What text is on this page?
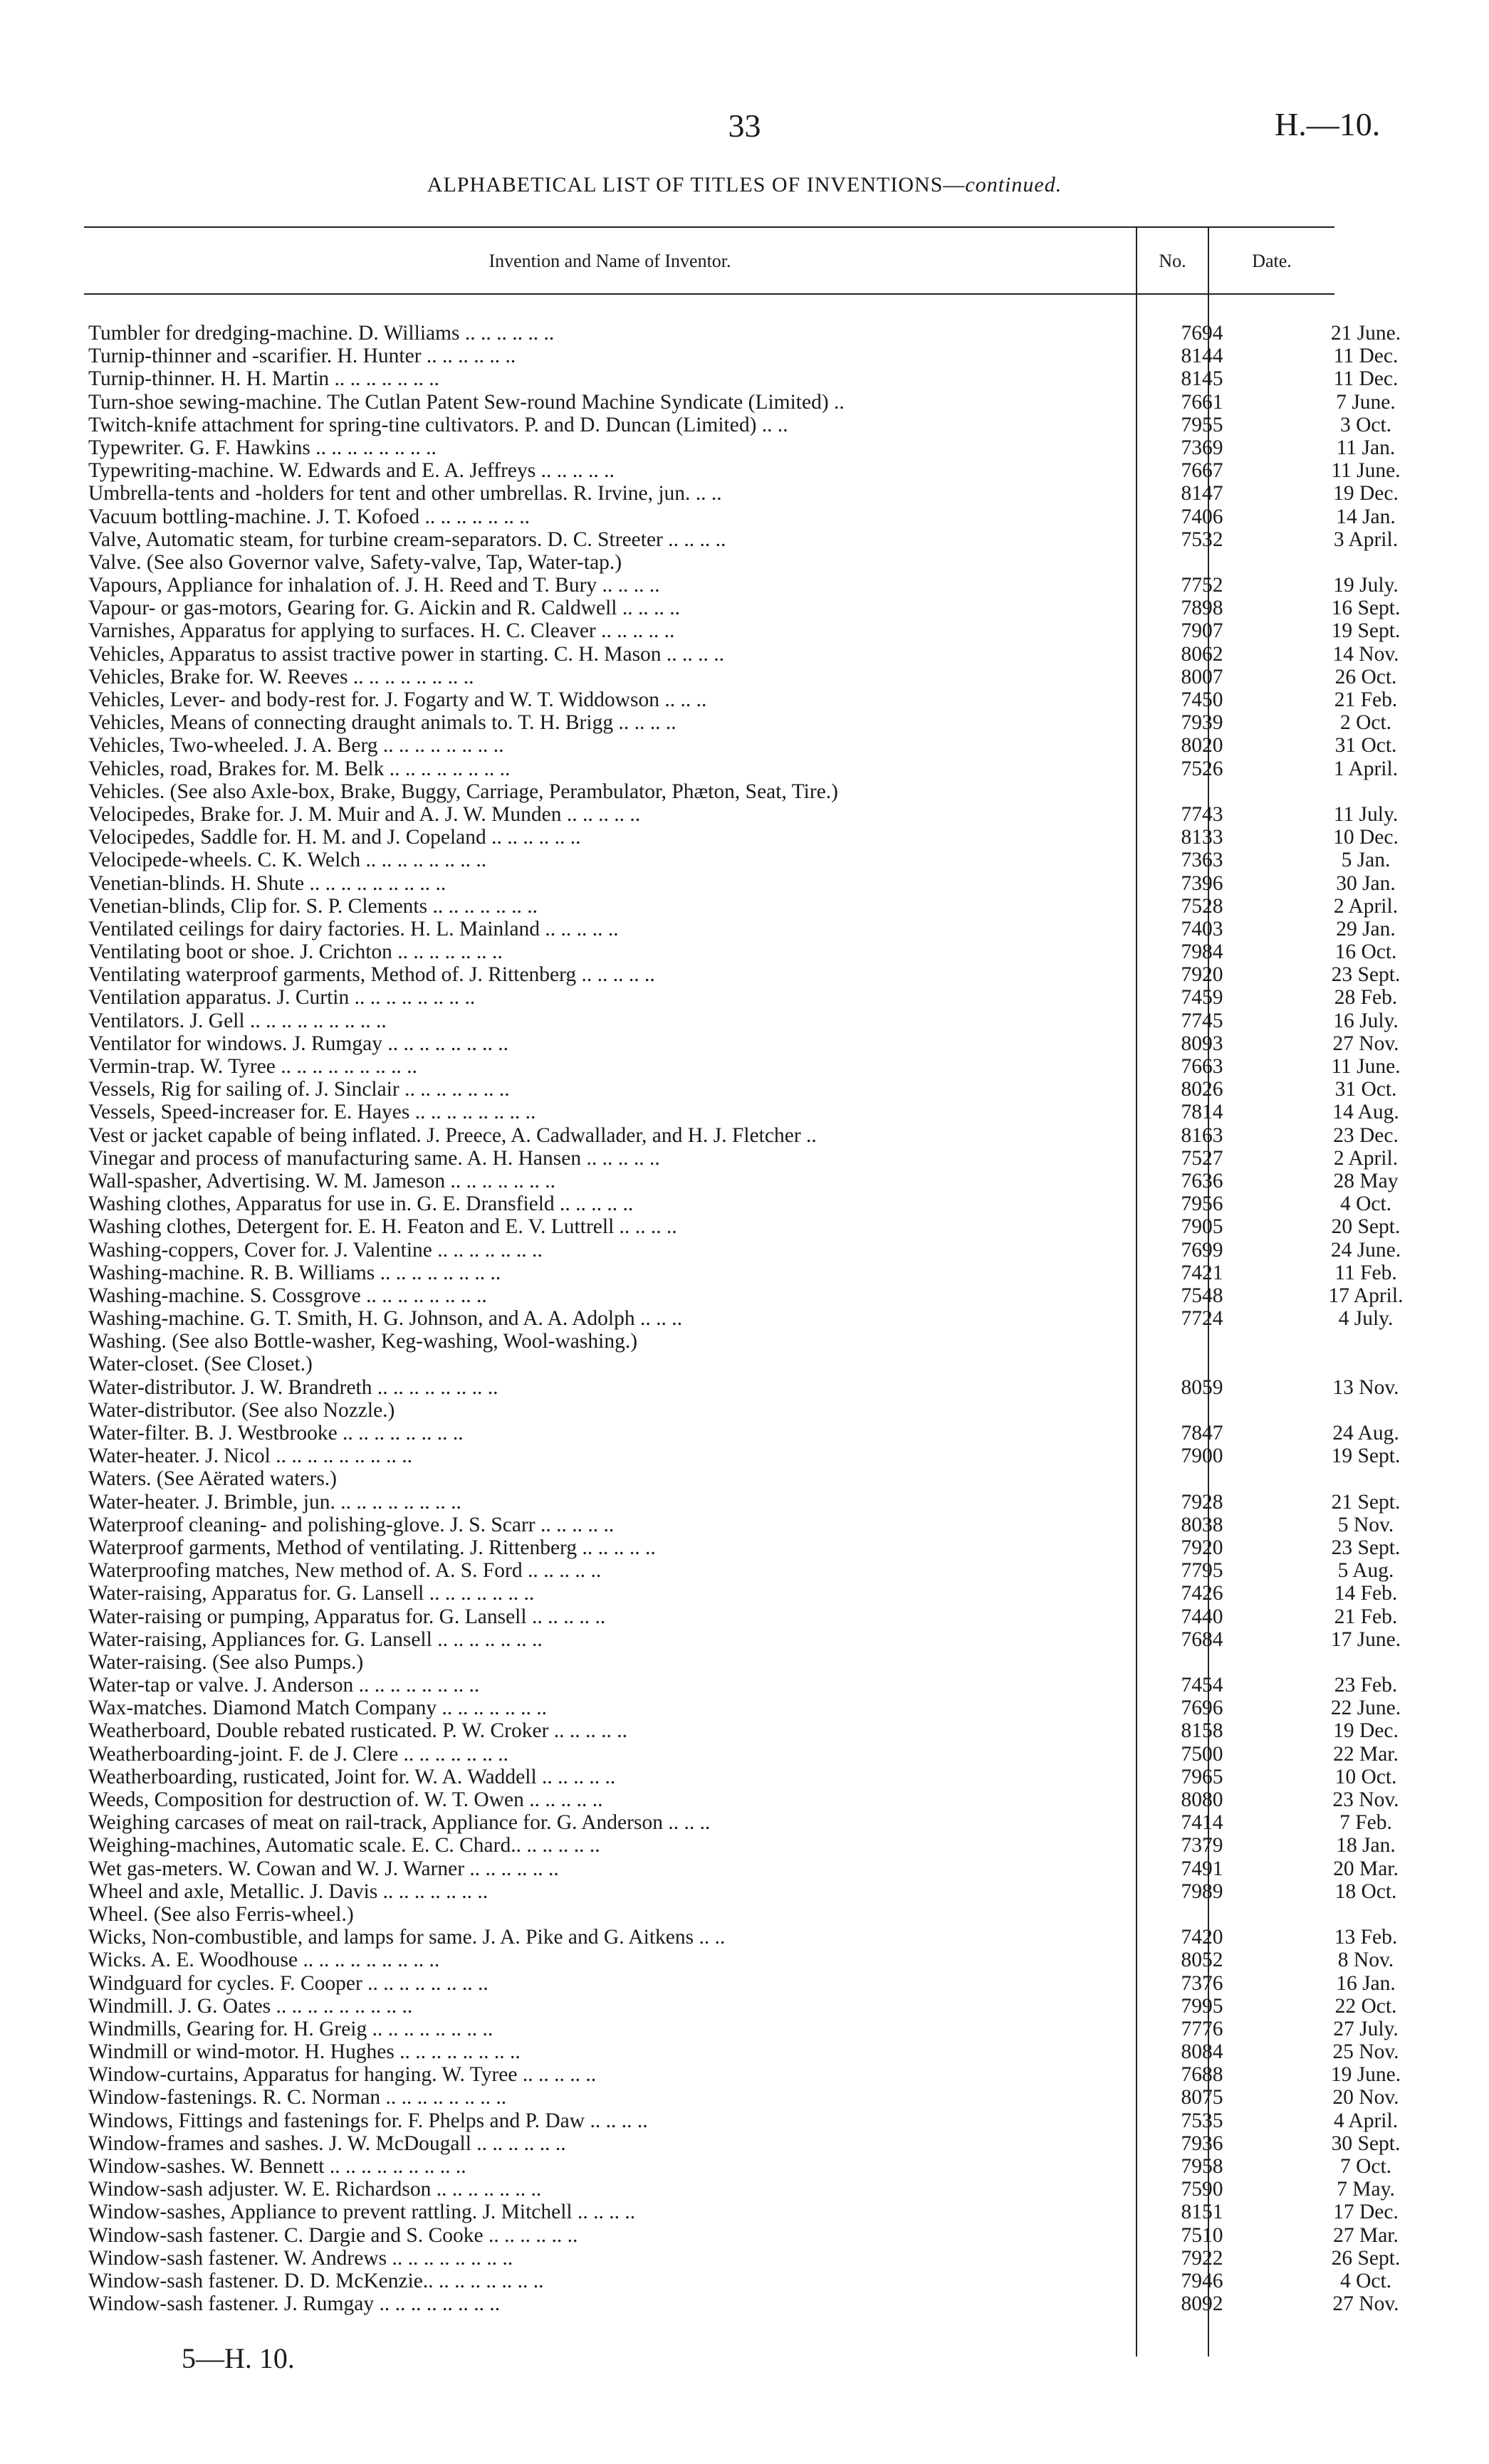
33	H.—10.
ALPHABETICAL LIST OF TITLES OF INVENTIONS—continued.
Invention and Name of Inventor.	No.	Date.
Tumbler for dredging-machine. D. Williams .. .. .. .. .. ..	7694	21 June.
Turnip-thinner and -scarifier. H. Hunter .. .. .. .. .. ..	8144	11 Dec.
Turnip-thinner. H. H. Martin .. .. .. .. .. .. ..	8145	11 Dec.
Turn-shoe sewing-machine. The Cutlan Patent Sew-round Machine Syndicate (Limited) ..	7661	7 June.
Twitch-knife attachment for spring-tine cultivators. P. and D. Duncan (Limited) .. ..	7955	3 Oct.
Typewriter. G. F. Hawkins .. .. .. .. .. .. .. ..	7369	11 Jan.
Typewriting-machine. W. Edwards and E. A. Jeffreys .. .. .. .. ..	7667	11 June.
Umbrella-tents and -holders for tent and other umbrellas. R. Irvine, jun. .. ..	8147	19 Dec.
Vacuum bottling-machine. J. T. Kofoed .. .. .. .. .. .. ..	7406	14 Jan.
Valve, Automatic steam, for turbine cream-separators. D. C. Streeter .. .. .. ..	7532	3 April.
Valve. (See also Governor valve, Safety-valve, Tap, Water-tap.)
Vapours, Appliance for inhalation of. J. H. Reed and T. Bury .. .. .. ..	7752	19 July.
Vapour- or gas-motors, Gearing for. G. Aickin and R. Caldwell .. .. .. ..	7898	16 Sept.
Varnishes, Apparatus for applying to surfaces. H. C. Cleaver .. .. .. .. ..	7907	19 Sept.
Vehicles, Apparatus to assist tractive power in starting. C. H. Mason .. .. .. ..	8062	14 Nov.
Vehicles, Brake for. W. Reeves .. .. .. .. .. .. .. ..	8007	26 Oct.
Vehicles, Lever- and body-rest for. J. Fogarty and W. T. Widdowson .. .. ..	7450	21 Feb.
Vehicles, Means of connecting draught animals to. T. H. Brigg .. .. .. ..	7939	2 Oct.
Vehicles, Two-wheeled. J. A. Berg .. .. .. .. .. .. .. ..	8020	31 Oct.
Vehicles, road, Brakes for. M. Belk .. .. .. .. .. .. .. ..	7526	1 April.
Vehicles. (See also Axle-box, Brake, Buggy, Carriage, Perambulator, Phæton, Seat, Tire.)
Velocipedes, Brake for. J. M. Muir and A. J. W. Munden .. .. .. .. ..	7743	11 July.
Velocipedes, Saddle for. H. M. and J. Copeland .. .. .. .. .. ..	8133	10 Dec.
Velocipede-wheels. C. K. Welch .. .. .. .. .. .. .. ..	7363	5 Jan.
Venetian-blinds. H. Shute .. .. .. .. .. .. .. .. ..	7396	30 Jan.
Venetian-blinds, Clip for. S. P. Clements .. .. .. .. .. .. ..	7528	2 April.
Ventilated ceilings for dairy factories. H. L. Mainland .. .. .. .. ..	7403	29 Jan.
Ventilating boot or shoe. J. Crichton .. .. .. .. .. .. ..	7984	16 Oct.
Ventilating waterproof garments, Method of. J. Rittenberg .. .. .. .. ..	7920	23 Sept.
Ventilation apparatus. J. Curtin .. .. .. .. .. .. .. ..	7459	28 Feb.
Ventilators. J. Gell .. .. .. .. .. .. .. .. ..	7745	16 July.
Ventilator for windows. J. Rumgay .. .. .. .. .. .. .. ..	8093	27 Nov.
Vermin-trap. W. Tyree .. .. .. .. .. .. .. .. ..	7663	11 June.
Vessels, Rig for sailing of. J. Sinclair .. .. .. .. .. .. ..	8026	31 Oct.
Vessels, Speed-increaser for. E. Hayes .. .. .. .. .. .. .. ..	7814	14 Aug.
Vest or jacket capable of being inflated. J. Preece, A. Cadwallader, and H. J. Fletcher ..	8163	23 Dec.
Vinegar and process of manufacturing same. A. H. Hansen .. .. .. .. ..	7527	2 April.
Wall-spasher, Advertising. W. M. Jameson .. .. .. .. .. .. ..	7636	28 May
Washing clothes, Apparatus for use in. G. E. Dransfield .. .. .. .. ..	7956	4 Oct.
Washing clothes, Detergent for. E. H. Featon and E. V. Luttrell .. .. .. ..	7905	20 Sept.
Washing-coppers, Cover for. J. Valentine .. .. .. .. .. .. ..	7699	24 June.
Washing-machine. R. B. Williams .. .. .. .. .. .. .. ..	7421	11 Feb.
Washing-machine. S. Cossgrove .. .. .. .. .. .. .. ..	7548	17 April.
Washing-machine. G. T. Smith, H. G. Johnson, and A. A. Adolph .. .. ..	7724	4 July.
Washing. (See also Bottle-washer, Keg-washing, Wool-washing.)
Water-closet. (See Closet.)
Water-distributor. J. W. Brandreth .. .. .. .. .. .. .. ..	8059	13 Nov.
Water-distributor. (See also Nozzle.)
Water-filter. B. J. Westbrooke .. .. .. .. .. .. .. ..	7847	24 Aug.
Water-heater. J. Nicol .. .. .. .. .. .. .. .. ..	7900	19 Sept.
Waters. (See Aërated waters.)
Water-heater. J. Brimble, jun. .. .. .. .. .. .. .. ..	7928	21 Sept.
Waterproof cleaning- and polishing-glove. J. S. Scarr .. .. .. .. ..	8038	5 Nov.
Waterproof garments, Method of ventilating. J. Rittenberg .. .. .. .. ..	7920	23 Sept.
Waterproofing matches, New method of. A. S. Ford .. .. .. .. ..	7795	5 Aug.
Water-raising, Apparatus for. G. Lansell .. .. .. .. .. .. ..	7426	14 Feb.
Water-raising or pumping, Apparatus for. G. Lansell .. .. .. .. ..	7440	21 Feb.
Water-raising, Appliances for. G. Lansell .. .. .. .. .. .. ..	7684	17 June.
Water-raising. (See also Pumps.)
Water-tap or valve. J. Anderson .. .. .. .. .. .. .. ..	7454	23 Feb.
Wax-matches. Diamond Match Company .. .. .. .. .. .. ..	7696	22 June.
Weatherboard, Double rebated rusticated. P. W. Croker .. .. .. .. ..	8158	19 Dec.
Weatherboarding-joint. F. de J. Clere .. .. .. .. .. .. ..	7500	22 Mar.
Weatherboarding, rusticated, Joint for. W. A. Waddell .. .. .. .. ..	7965	10 Oct.
Weeds, Composition for destruction of. W. T. Owen .. .. .. .. ..	8080	23 Nov.
Weighing carcases of meat on rail-track, Appliance for. G. Anderson .. .. ..	7414	7 Feb.
Weighing-machines, Automatic scale. E. C. Chard.. .. .. .. .. ..	7379	18 Jan.
Wet gas-meters. W. Cowan and W. J. Warner .. .. .. .. .. ..	7491	20 Mar.
Wheel and axle, Metallic. J. Davis .. .. .. .. .. .. ..	7989	18 Oct.
Wheel. (See also Ferris-wheel.)
Wicks, Non-combustible, and lamps for same. J. A. Pike and G. Aitkens .. ..	7420	13 Feb.
Wicks. A. E. Woodhouse .. .. .. .. .. .. .. .. ..	8052	8 Nov.
Windguard for cycles. F. Cooper .. .. .. .. .. .. .. ..	7376	16 Jan.
Windmill. J. G. Oates .. .. .. .. .. .. .. .. ..	7995	22 Oct.
Windmills, Gearing for. H. Greig .. .. .. .. .. .. .. ..	7776	27 July.
Windmill or wind-motor. H. Hughes .. .. .. .. .. .. .. ..	8084	25 Nov.
Window-curtains, Apparatus for hanging. W. Tyree .. .. .. .. ..	7688	19 June.
Window-fastenings. R. C. Norman .. .. .. .. .. .. .. ..	8075	20 Nov.
Windows, Fittings and fastenings for. F. Phelps and P. Daw .. .. .. ..	7535	4 April.
Window-frames and sashes. J. W. McDougall .. .. .. .. .. ..	7936	30 Sept.
Window-sashes. W. Bennett .. .. .. .. .. .. .. .. ..	7958	7 Oct.
Window-sash adjuster. W. E. Richardson .. .. .. .. .. .. ..	7590	7 May.
Window-sashes, Appliance to prevent rattling. J. Mitchell .. .. .. ..	8151	17 Dec.
Window-sash fastener. C. Dargie and S. Cooke .. .. .. .. .. ..	7510	27 Mar.
Window-sash fastener. W. Andrews .. .. .. .. .. .. .. ..	7922	26 Sept.
Window-sash fastener. D. D. McKenzie.. .. .. .. .. .. .. ..	7946	4 Oct.
Window-sash fastener. J. Rumgay .. .. .. .. .. .. .. ..	8092	27 Nov.
5—H. 10.
